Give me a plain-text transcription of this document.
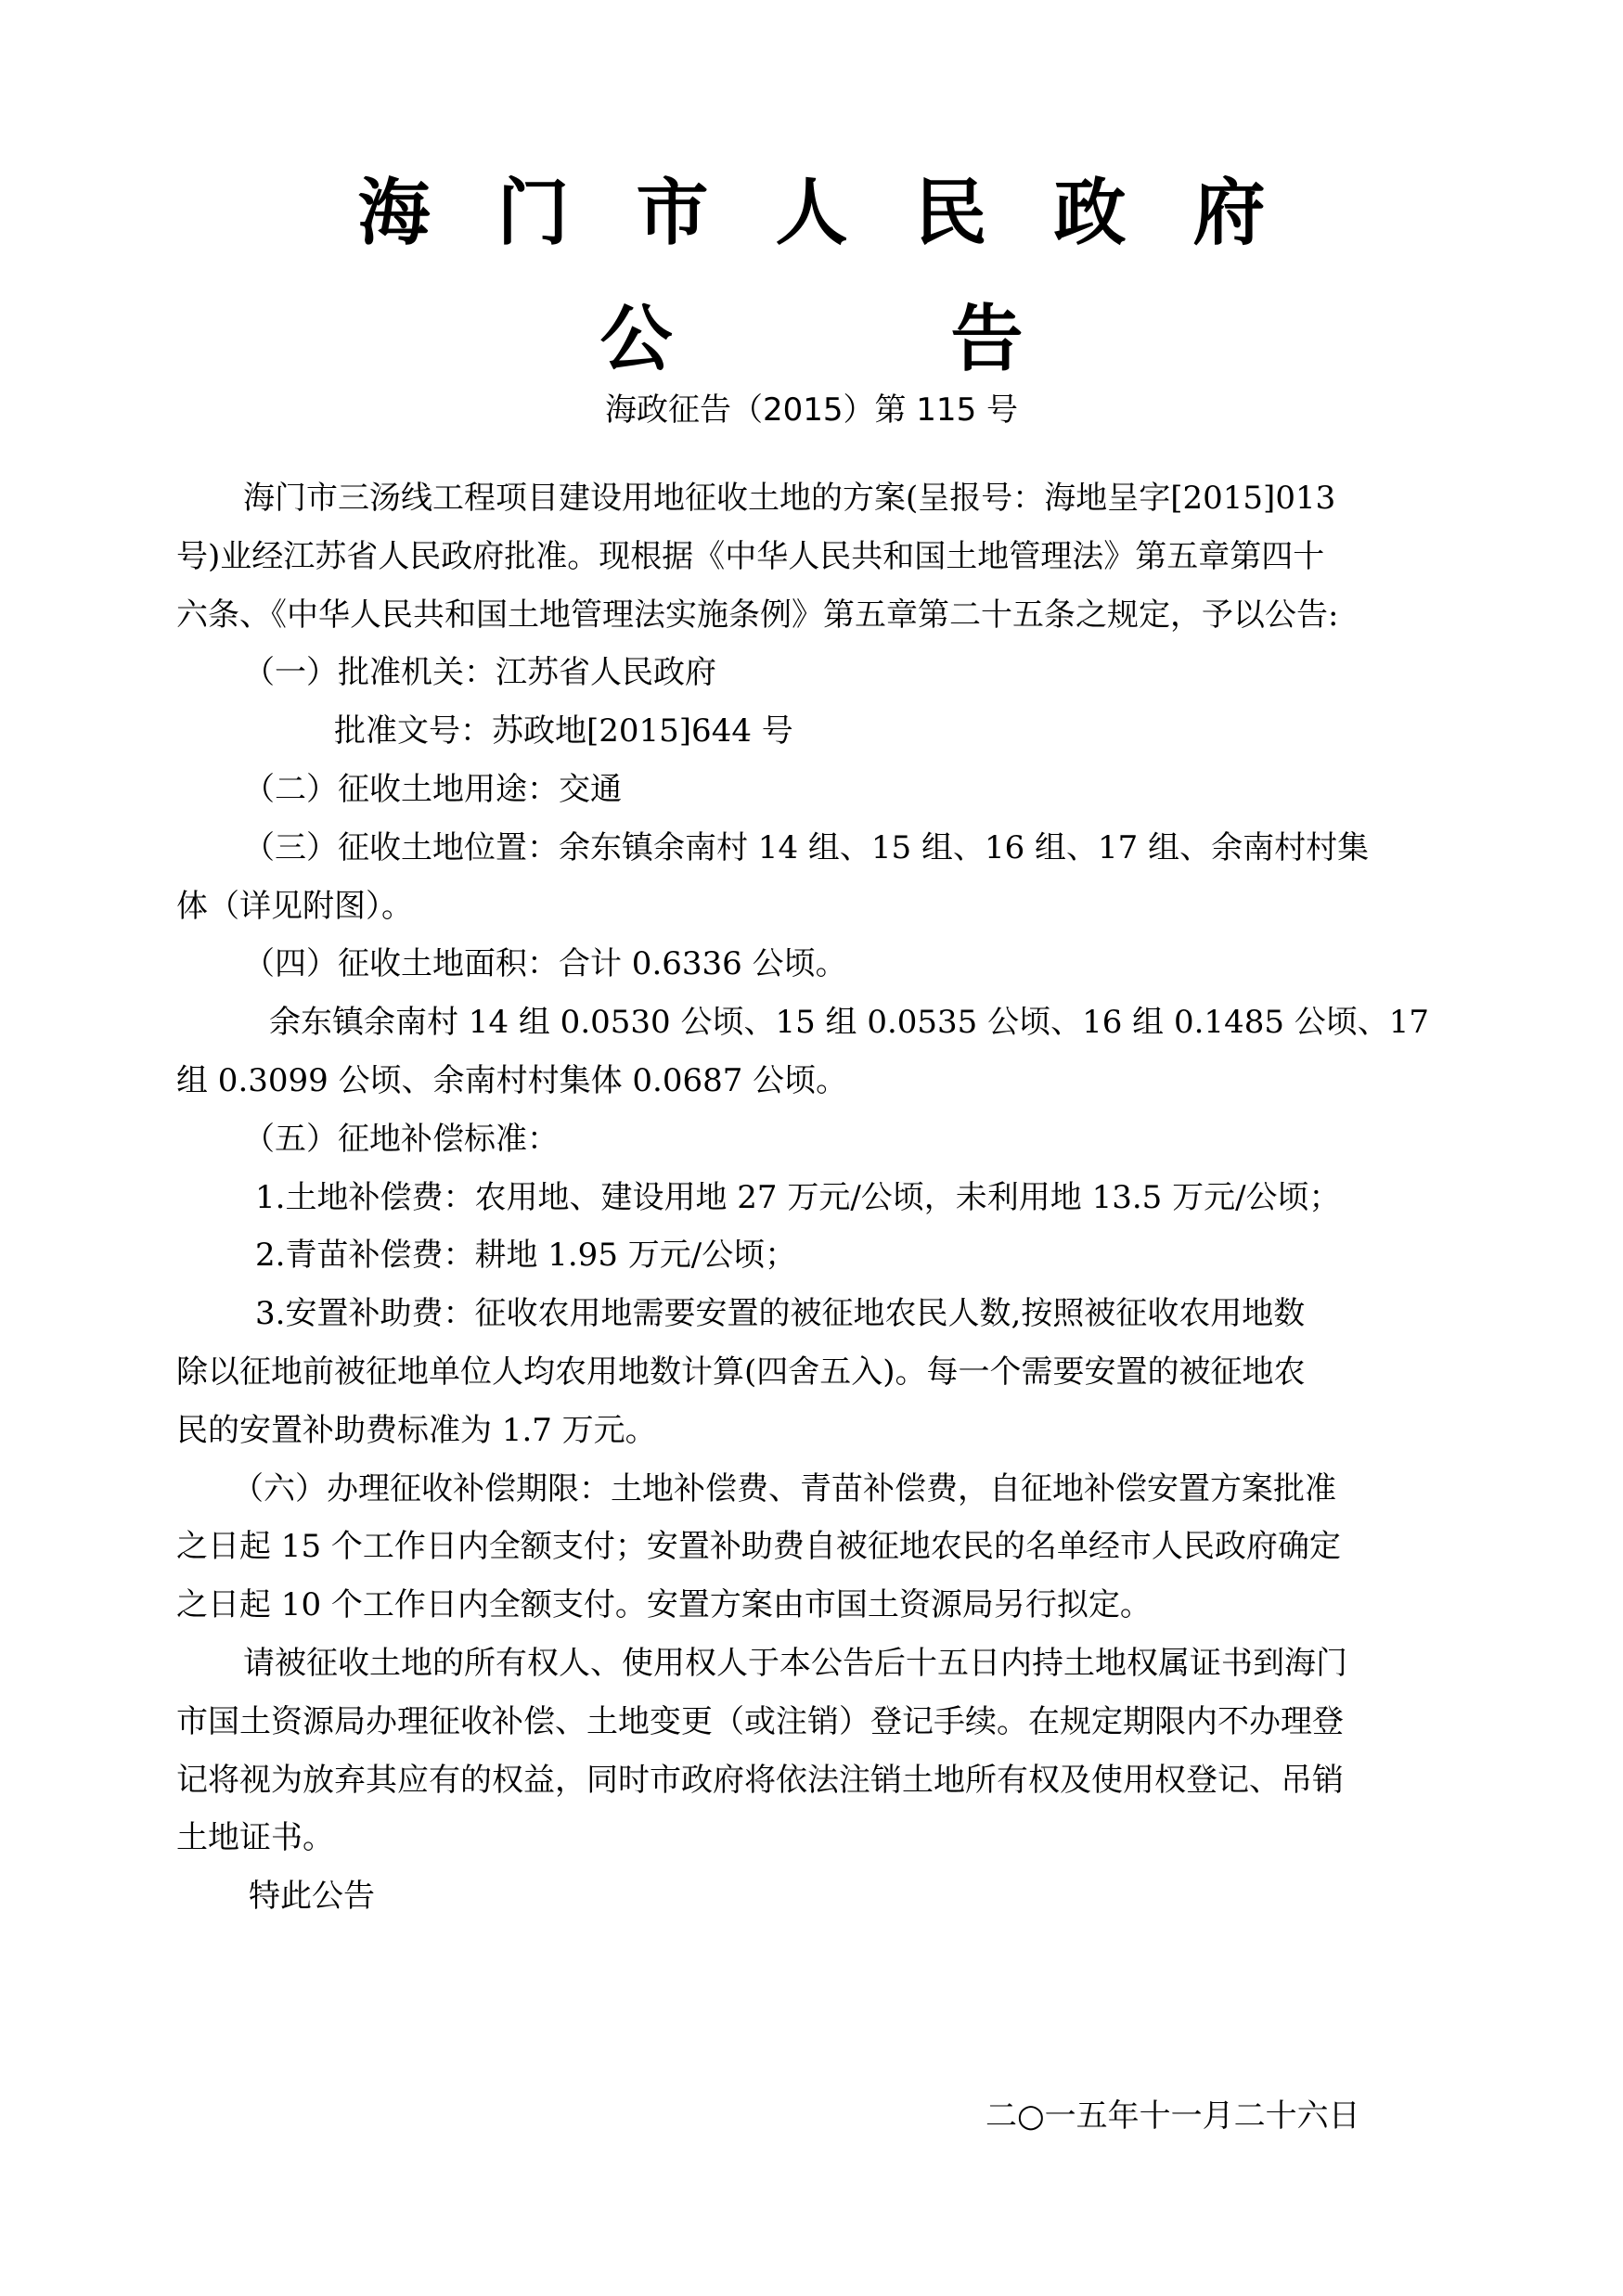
海门市人民政府
公告
海政征告（2015）第 115 号
海门市三汤线工程项目建设用地征收土地的方案(呈报号：海地呈字[2015]013
号)业经江苏省人民政府批准。现根据《中华人民共和国土地管理法》第五章第四十
六条、《中华人民共和国土地管理法实施条例》第五章第二十五条之规定，予以公告:
（一）批准机关：江苏省人民政府
批准文号：苏政地[2015]644 号
（二）征收土地用途：交通
（三）征收土地位置：余东镇余南村 14 组、15 组、16 组、17 组、余南村村集
体（详见附图）。
（四）征收土地面积：合计 0.6336 公顷。
余东镇余南村 14 组 0.0530 公顷、15 组 0.0535 公顷、16 组 0.1485 公顷、17
组 0.3099 公顷、余南村村集体 0.0687 公顷。
（五）征地补偿标准：
1.土地补偿费：农用地、建设用地 27 万元/公顷，未利用地 13.5 万元/公顷；
2.青苗补偿费：耕地 1.95 万元/公顷；
3.安置补助费：征收农用地需要安置的被征地农民人数,按照被征收农用地数
除以征地前被征地单位人均农用地数计算(四舍五入)。每一个需要安置的被征地农
民的安置补助费标准为 1.7 万元。
（六）办理征收补偿期限：土地补偿费、青苗补偿费，自征地补偿安置方案批准
之日起 15 个工作日内全额支付；安置补助费自被征地农民的名单经市人民政府确定
之日起 10 个工作日内全额支付。安置方案由市国土资源局另行拟定。
请被征收土地的所有权人、使用权人于本公告后十五日内持土地权属证书到海门
市国土资源局办理征收补偿、土地变更（或注销）登记手续。在规定期限内不办理登
记将视为放弃其应有的权益，同时市政府将依法注销土地所有权及使用权登记、吊销
土地证书。
特此公告
二○一五年十一月二十六日
